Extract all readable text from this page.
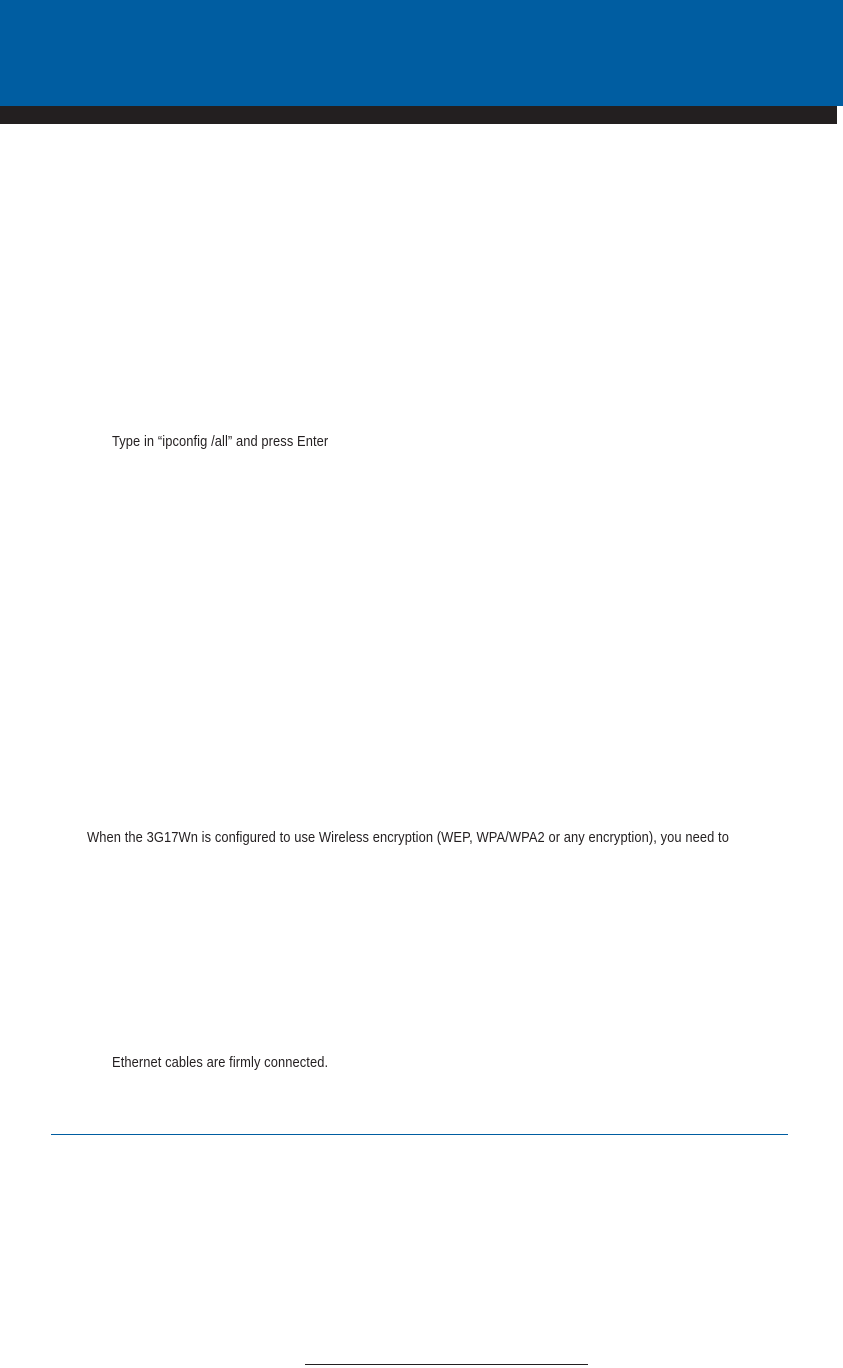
Type in “ipconfig /all” and press Enter
When the 3G17Wn is configured to use Wireless encryption (WEP, WPA/WPA2 or any encryption), you need to
Ethernet cables are firmly connected.
